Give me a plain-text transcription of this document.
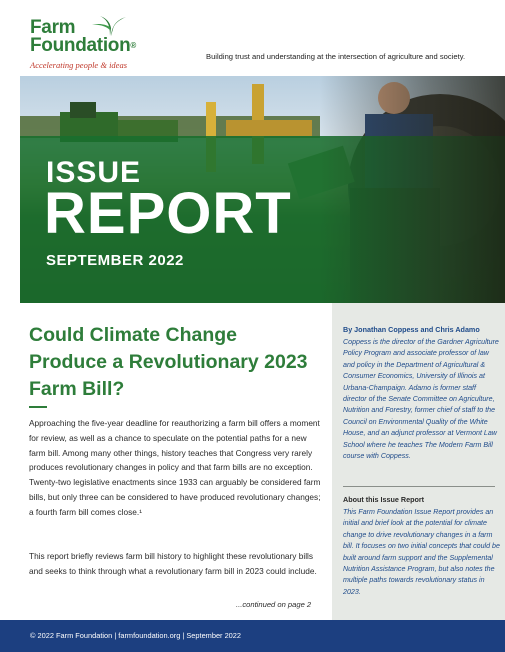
Farm
Foundation®
Accelerating people & ideas
Building trust and understanding at the intersection of agriculture and society.
ISSUE
REPORT
SEPTEMBER 2022
Could Climate Change Produce a Revolutionary 2023 Farm Bill?
Approaching the five-year deadline for reauthorizing a farm bill offers a moment for review, as well as a chance to speculate on the potential paths for a new farm bill. Among many other things, history teaches that Congress very rarely produces revolutionary changes in policy and that farm bills are no exception. Twenty-two legislative enactments since 1933 can arguably be considered farm bills, but only three can be considered to have produced revolutionary changes; a fourth farm bill comes close.¹
This report briefly reviews farm bill history to highlight these revolutionary bills and seeks to think through what a revolutionary farm bill in 2023 could include.
...continued on page 2
By Jonathan Coppess and Chris Adamo
Coppess is the director of the Gardner Agriculture Policy Program and associate professor of law and policy in the Department of Agricultural & Consumer Economics, University of Illinois at Urbana-Champaign. Adamo is former staff director of the Senate Committee on Agriculture, Nutrition and Forestry, former chief of staff to the Council on Environmental Quality of the White House, and an adjunct professor at Vermont Law School where he teaches The Modern Farm Bill course with Coppess.
About this Issue Report
This Farm Foundation Issue Report provides an initial and brief look at the potential for climate change to drive revolutionary changes in a farm bill. It focuses on two initial concepts that could be built around farm support and the Supplemental Nutrition Assistance Program, but also notes the multiple paths towards revolutionary status in 2023.
© 2022 Farm Foundation | farmfoundation.org | September 2022
